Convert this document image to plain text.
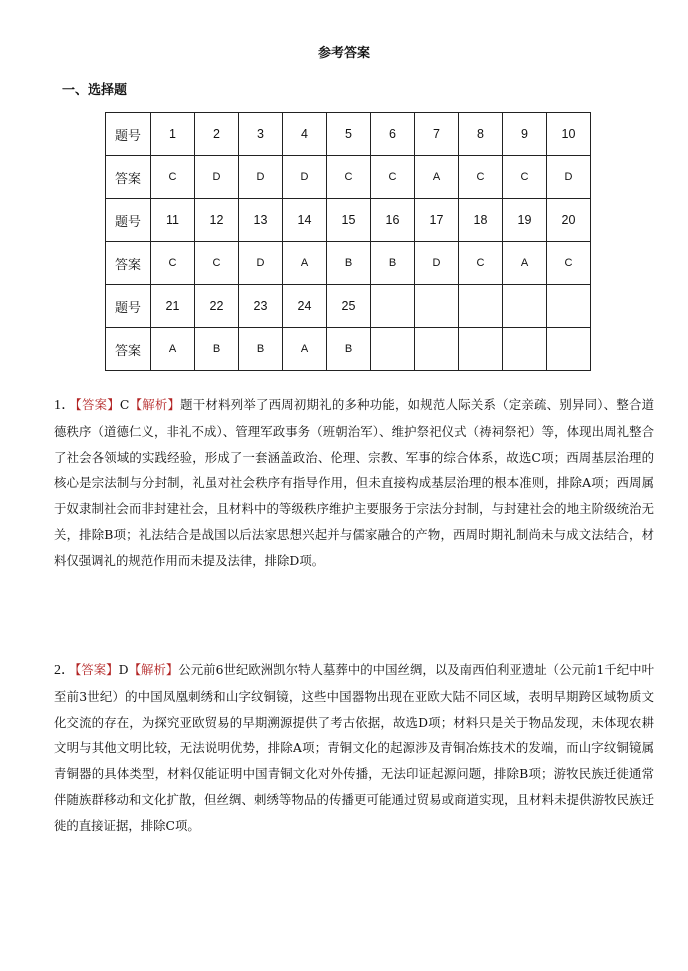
参考答案
一、选择题
题号	1	2	3	4	5	6	7	8	9	10
答案	C	D	D	D	C	C	A	C	C	D
题号	11	12	13	14	15	16	17	18	19	20
答案	C	C	D	A	B	B	D	C	A	C
题号	21	22	23	24	25					
答案	A	B	B	A	B					
1．【答案】C【解析】题干材料列举了西周初期礼的多种功能，如规范人际关系（定亲疏、别异同）、整合道德秩序（道德仁义，非礼不成）、管理军政事务（班朝治军）、维护祭祀仪式（祷祠祭祀）等，体现出周礼整合了社会各领域的实践经验，形成了一套涵盖政治、伦理、宗教、军事的综合体系，故选C项；西周基层治理的核心是宗法制与分封制，礼虽对社会秩序有指导作用，但未直接构成基层治理的根本准则，排除A项；西周属于奴隶制社会而非封建社会，且材料中的等级秩序维护主要服务于宗法分封制，与封建社会的地主阶级统治无关，排除B项；礼法结合是战国以后法家思想兴起并与儒家融合的产物，西周时期礼制尚未与成文法结合，材料仅强调礼的规范作用而未提及法律，排除D项。
2．【答案】D【解析】公元前6世纪欧洲凯尔特人墓葬中的中国丝绸，以及南西伯利亚遗址（公元前1千纪中叶至前3世纪）的中国凤凰刺绣和山字纹铜镜，这些中国器物出现在亚欧大陆不同区域，表明早期跨区域物质文化交流的存在，为探究亚欧贸易的早期溯源提供了考古依据，故选D项；材料只是关于物品发现，未体现农耕文明与其他文明比较，无法说明优势，排除A项；青铜文化的起源涉及青铜冶炼技术的发端，而山字纹铜镜属青铜器的具体类型，材料仅能证明中国青铜文化对外传播，无法印证起源问题，排除B项；游牧民族迁徙通常伴随族群移动和文化扩散，但丝绸、刺绣等物品的传播更可能通过贸易或商道实现，且材料未提供游牧民族迁徙的直接证据，排除C项。
